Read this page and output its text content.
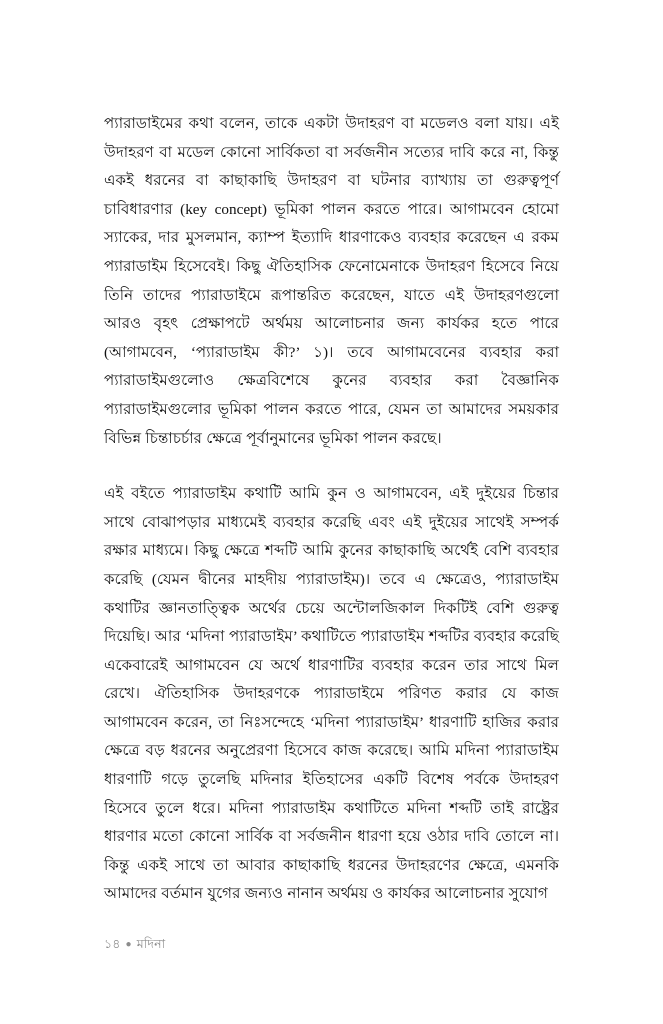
প্যারাডাইমের কথা বলেন, তাকে একটা উদাহরণ বা মডেলও বলা যায়। এই উদাহরণ বা মডেল কোনো সার্বিকতা বা সর্বজনীন সত্যের দাবি করে না, কিন্তু একই ধরনের বা কাছাকাছি উদাহরণ বা ঘটনার ব্যাখ্যায় তা গুরুত্বপূর্ণ চাবিধারণার (key concept) ভূমিকা পালন করতে পারে। আগামবেন হোমো স্যাকের, দার মুসলমান, ক্যাম্প ইত্যাদি ধারণাকেও ব্যবহার করেছেন এ রকম প্যারাডাইম হিসেবেই। কিছু ঐতিহাসিক ফেনোমেনাকে উদাহরণ হিসেবে নিয়ে তিনি তাদের প্যারাডাইমে রূপান্তরিত করেছেন, যাতে এই উদাহরণগুলো আরও বৃহৎ প্রেক্ষাপটে অর্থময় আলোচনার জন্য কার্যকর হতে পারে (আগামবেন, ‘প্যারাডাইম কী?’ ১)। তবে আগামবেনের ব্যবহার করা প্যারাডাইমগুলোও ক্ষেত্রবিশেষে কুনের ব্যবহার করা বৈজ্ঞানিক প্যারাডাইমগুলোর ভূমিকা পালন করতে পারে, যেমন তা আমাদের সময়কার বিভিন্ন চিন্তাচর্চার ক্ষেত্রে পূর্বানুমানের ভূমিকা পালন করছে।

এই বইতে প্যারাডাইম কথাটি আমি কুন ও আগামবেন, এই দুইয়ের চিন্তার সাথে বোঝাপড়ার মাধ্যমেই ব্যবহার করেছি এবং এই দুইয়ের সাথেই সম্পর্ক রক্ষার মাধ্যমে। কিছু ক্ষেত্রে শব্দটি আমি কুনের কাছাকাছি অর্থেই বেশি ব্যবহার করেছি (যেমন দ্বীনের মাহদীয় প্যারাডাইম)। তবে এ ক্ষেত্রেও, প্যারাডাইম কথাটির জ্ঞানতাত্ত্বিক অর্থের চেয়ে অন্টোলজিকাল দিকটিই বেশি গুরুত্ব দিয়েছি। আর ‘মদিনা প্যারাডাইম’ কথাটিতে প্যারাডাইম শব্দটির ব্যবহার করেছি একেবারেই আগামবেন যে অর্থে ধারণাটির ব্যবহার করেন তার সাথে মিল রেখে। ঐতিহাসিক উদাহরণকে প্যারাডাইমে পরিণত করার যে কাজ আগামবেন করেন, তা নিঃসন্দেহে ‘মদিনা প্যারাডাইম’ ধারণাটি হাজির করার ক্ষেত্রে বড় ধরনের অনুপ্রেরণা হিসেবে কাজ করেছে। আমি মদিনা প্যারাডাইম ধারণাটি গড়ে তুলেছি মদিনার ইতিহাসের একটি বিশেষ পর্বকে উদাহরণ হিসেবে তুলে ধরে। মদিনা প্যারাডাইম কথাটিতে মদিনা শব্দটি তাই রাষ্ট্রের ধারণার মতো কোনো সার্বিক বা সর্বজনীন ধারণা হয়ে ওঠার দাবি তোলে না। কিন্তু একই সাথে তা আবার কাছাকাছি ধরনের উদাহরণের ক্ষেত্রে, এমনকি আমাদের বর্তমান যুগের জন্যও নানান অর্থময় ও কার্যকর আলোচনার সুযোগ

১৪ ● মদিনা
